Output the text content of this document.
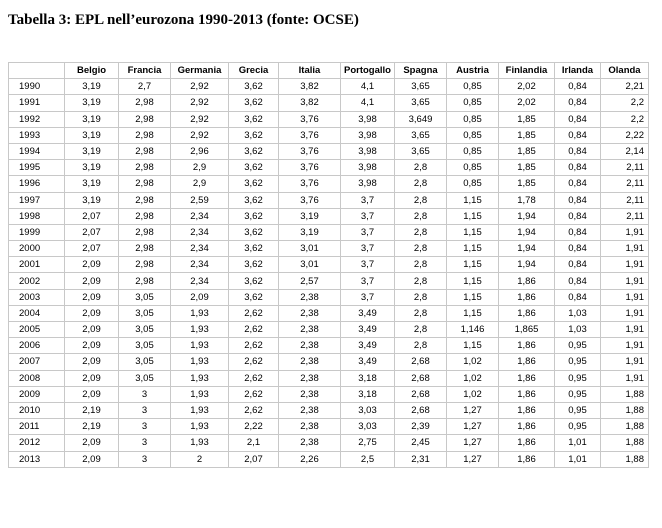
Tabella 3: EPL nell’eurozona 1990-2013 (fonte: OCSE)
	Belgio	Francia	Germania	Grecia	Italia	Portogallo	Spagna	Austria	Finlandia	Irlanda	Olanda
1990	3,19	2,7	2,92	3,62	3,82	4,1	3,65	0,85	2,02	0,84	2,21
1991	3,19	2,98	2,92	3,62	3,82	4,1	3,65	0,85	2,02	0,84	2,2
1992	3,19	2,98	2,92	3,62	3,76	3,98	3,649	0,85	1,85	0,84	2,2
1993	3,19	2,98	2,92	3,62	3,76	3,98	3,65	0,85	1,85	0,84	2,22
1994	3,19	2,98	2,96	3,62	3,76	3,98	3,65	0,85	1,85	0,84	2,14
1995	3,19	2,98	2,9	3,62	3,76	3,98	2,8	0,85	1,85	0,84	2,11
1996	3,19	2,98	2,9	3,62	3,76	3,98	2,8	0,85	1,85	0,84	2,11
1997	3,19	2,98	2,59	3,62	3,76	3,7	2,8	1,15	1,78	0,84	2,11
1998	2,07	2,98	2,34	3,62	3,19	3,7	2,8	1,15	1,94	0,84	2,11
1999	2,07	2,98	2,34	3,62	3,19	3,7	2,8	1,15	1,94	0,84	1,91
2000	2,07	2,98	2,34	3,62	3,01	3,7	2,8	1,15	1,94	0,84	1,91
2001	2,09	2,98	2,34	3,62	3,01	3,7	2,8	1,15	1,94	0,84	1,91
2002	2,09	2,98	2,34	3,62	2,57	3,7	2,8	1,15	1,86	0,84	1,91
2003	2,09	3,05	2,09	3,62	2,38	3,7	2,8	1,15	1,86	0,84	1,91
2004	2,09	3,05	1,93	2,62	2,38	3,49	2,8	1,15	1,86	1,03	1,91
2005	2,09	3,05	1,93	2,62	2,38	3,49	2,8	1,146	1,865	1,03	1,91
2006	2,09	3,05	1,93	2,62	2,38	3,49	2,8	1,15	1,86	0,95	1,91
2007	2,09	3,05	1,93	2,62	2,38	3,49	2,68	1,02	1,86	0,95	1,91
2008	2,09	3,05	1,93	2,62	2,38	3,18	2,68	1,02	1,86	0,95	1,91
2009	2,09	3	1,93	2,62	2,38	3,18	2,68	1,02	1,86	0,95	1,88
2010	2,19	3	1,93	2,62	2,38	3,03	2,68	1,27	1,86	0,95	1,88
2011	2,19	3	1,93	2,22	2,38	3,03	2,39	1,27	1,86	0,95	1,88
2012	2,09	3	1,93	2,1	2,38	2,75	2,45	1,27	1,86	1,01	1,88
2013	2,09	3	2	2,07	2,26	2,5	2,31	1,27	1,86	1,01	1,88
